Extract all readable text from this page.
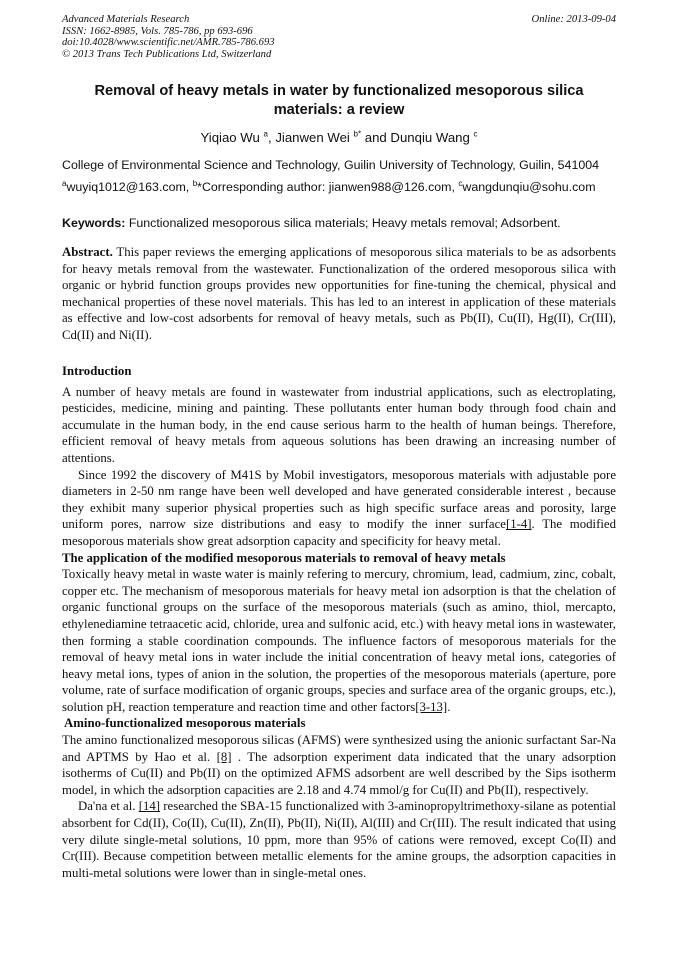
Advanced Materials Research
ISSN: 1662-8985, Vols. 785-786, pp 693-696
doi:10.4028/www.scientific.net/AMR.785-786.693
© 2013 Trans Tech Publications Ltd, Switzerland
Online: 2013-09-04
Removal of heavy metals in water by functionalized mesoporous silica materials: a review
Yiqiao Wu $^a$, Jianwen Wei $^{b*}$ and Dunqiu Wang $^c$
College of Environmental Science and Technology, Guilin University of Technology, Guilin, 541004
$^a$wuyiq1012@163.com, $^b$*Corresponding author: jianwen988@126.com, $^c$wangdunqiu@sohu.com
Keywords: Functionalized mesoporous silica materials; Heavy metals removal; Adsorbent.

Abstract. This paper reviews the emerging applications of mesoporous silica materials to be as adsorbents for heavy metals removal from the wastewater. Functionalization of the ordered mesoporous silica with organic or hybrid function groups provides new opportunities for fine-tuning the chemical, physical and mechanical properties of these novel materials. This has led to an interest in application of these materials as effective and low-cost adsorbents for removal of heavy metals, such as Pb(II), Cu(II), Hg(II), Cr(III), Cd(II) and Ni(II).

Introduction

A number of heavy metals are found in wastewater from industrial applications, such as electroplating, pesticides, medicine, mining and painting. These pollutants enter human body through food chain and accumulate in the human body, in the end cause serious harm to the health of human beings. Therefore, efficient removal of heavy metals from aqueous solutions has been drawing an increasing number of attentions.

Since 1992 the discovery of M41S by Mobil investigators, mesoporous materials with adjustable pore diameters in 2-50 nm range have been well developed and have generated considerable interest , because they exhibit many superior physical properties such as high specific surface areas and porosity, large uniform pores, narrow size distributions and easy to modify the inner surface[1-4]. The modified mesoporous materials show great adsorption capacity and specificity for heavy metal.

The application of the modified mesoporous materials to removal of heavy metals

Toxically heavy metal in waste water is mainly refering to mercury, chromium, lead, cadmium, zinc, cobalt, copper etc. The mechanism of mesoporous materials for heavy metal ion adsorption is that the chelation of organic functional groups on the surface of the mesoporous materials (such as amino, thiol, mercapto, ethylenediamine tetraacetic acid, chloride, urea and sulfonic acid, etc.) with heavy metal ions in wastewater, then forming a stable coordination compounds. The influence factors of mesoporous materials for the removal of heavy metal ions in water include the initial concentration of heavy metal ions, categories of heavy metal ions, types of anion in the solution, the properties of the mesoporous materials (aperture, pore volume, rate of surface modification of organic groups, species and surface area of the organic groups, etc.), solution pH, reaction temperature and reaction time and other factors[3-13].

Amino-functionalized mesoporous materials

The amino functionalized mesoporous silicas (AFMS) were synthesized using the anionic surfactant Sar-Na and APTMS by Hao et al. [8] . The adsorption experiment data indicated that the unary adsorption isotherms of Cu(II) and Pb(II) on the optimized AFMS adsorbent are well described by the Sips isotherm model, in which the adsorption capacities are 2.18 and 4.74 mmol/g for Cu(II) and Pb(II), respectively.

Da'na et al. [14] researched the SBA-15 functionalized with 3-aminopropyltrimethoxy-silane as potential absorbent for Cd(II), Co(II), Cu(II), Zn(II), Pb(II), Ni(II), Al(III) and Cr(III). The result indicated that using very dilute single-metal solutions, 10 ppm, more than 95% of cations were removed, except Co(II) and Cr(III). Because competition between metallic elements for the amine groups, the adsorption capacities in multi-metal solutions were lower than in single-metal ones.
